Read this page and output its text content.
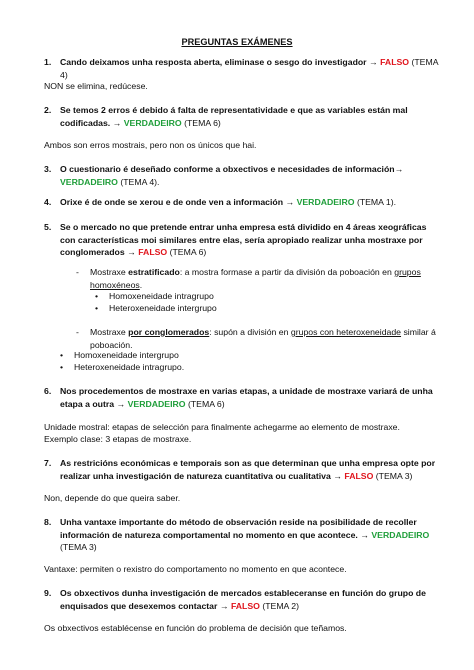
PREGUNTAS EXÁMENES
1.	Cando deixamos unha resposta aberta, eliminase o sesgo do investigador → FALSO (TEMA 4)
NON se elimina, redúcese.
2.	Se temos 2 erros é debido á falta de representatividade e que as variables están mal codificadas. → VERDADEIRO (TEMA 6)
Ambos son erros mostrais, pero non os únicos que hai.
3.	O cuestionario é deseñado conforme a obxectivos e necesidades de información→ VERDADEIRO (TEMA 4).
4.	Orixe é de onde se xerou e de onde ven a información → VERDADEIRO (TEMA 1).
5.	Se o mercado no que pretende entrar unha empresa está dividido en 4 áreas xeográficas con características moi similares entre elas, sería apropiado realizar unha mostraxe por conglomerados → FALSO (TEMA 6)
-	Mostraxe estratificado: a mostra formase a partir da división da poboación en grupos homoxéneos.
•	Homoxeneidade intragrupo
•	Heteroxeneidade intergrupo
-	Mostraxe por conglomerados: supón a división en grupos con heteroxeneidade similar á poboación.
•	Homoxeneidade intergrupo
•	Heteroxeneidade intragrupo.
6.	Nos procedementos de mostraxe en varias etapas, a unidade de mostraxe variará de unha etapa a outra → VERDADEIRO (TEMA 6)
Unidade mostral: etapas de selección para finalmente achegarme ao elemento de mostraxe.
Exemplo clase: 3 etapas de mostraxe.
7.	As restricións económicas e temporais son as que determinan que unha empresa opte por realizar unha investigación de natureza cuantitativa ou cualitativa → FALSO (TEMA 3)
Non, depende do que queira saber.
8.	Unha vantaxe importante do método de observación reside na posibilidade de recoller información de natureza comportamental no momento en que acontece. → VERDADEIRO (TEMA 3)
Vantaxe: permiten o rexistro do comportamento no momento en que acontece.
9.	Os obxectivos dunha investigación de mercados estableceranse en función do grupo de enquisados que desexemos contactar → FALSO (TEMA 2)
Os obxectivos establécense en función do problema de decisión que teñamos.
